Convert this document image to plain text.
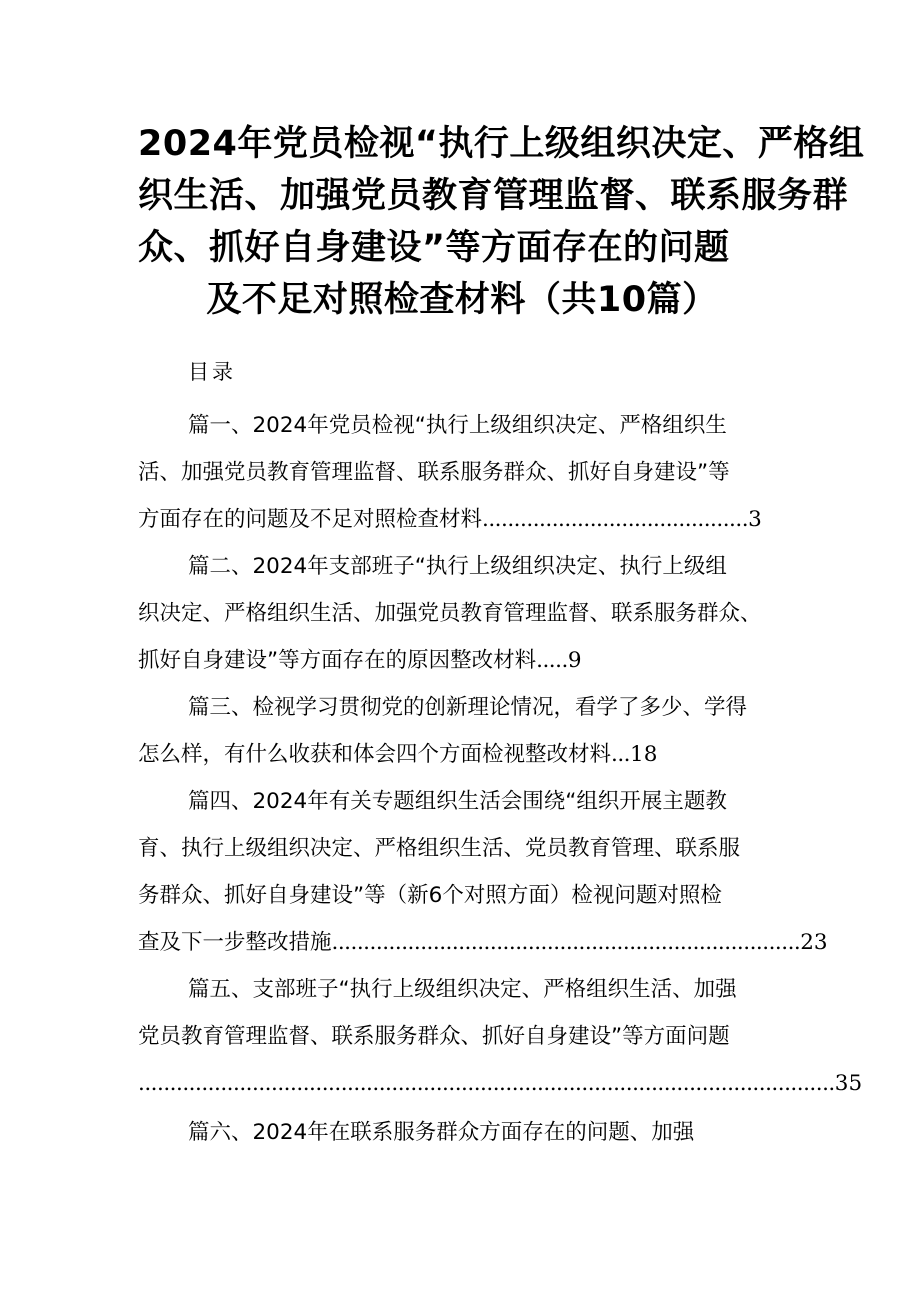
2024年党员检视“执行上级组织决定、严格组
织生活、加强党员教育管理监督、联系服务群
众、抓好自身建设”等方面存在的问题
及不足对照检查材料（共10篇）
目录
篇一、2024年党员检视“执行上级组织决定、严格组织生
活、加强党员教育管理监督、联系服务群众、抓好自身建设”等
方面存在的问题及不足对照检查材料..........................................3
篇二、2024年支部班子“执行上级组织决定、执行上级组
织决定、严格组织生活、加强党员教育管理监督、联系服务群众、
抓好自身建设”等方面存在的原因整改材料.....9
篇三、检视学习贯彻党的创新理论情况，看学了多少、学得
怎么样，有什么收获和体会四个方面检视整改材料...18
篇四、2024年有关专题组织生活会围绕“组织开展主题教
育、执行上级组织决定、严格组织生活、党员教育管理、联系服
务群众、抓好自身建设”等（新6个对照方面）检视问题对照检
查及下一步整改措施..........................................................................23
篇五、支部班子“执行上级组织决定、严格组织生活、加强
党员教育管理监督、联系服务群众、抓好自身建设”等方面问题
..............................................................................................................35
篇六、2024年在联系服务群众方面存在的问题、加强
